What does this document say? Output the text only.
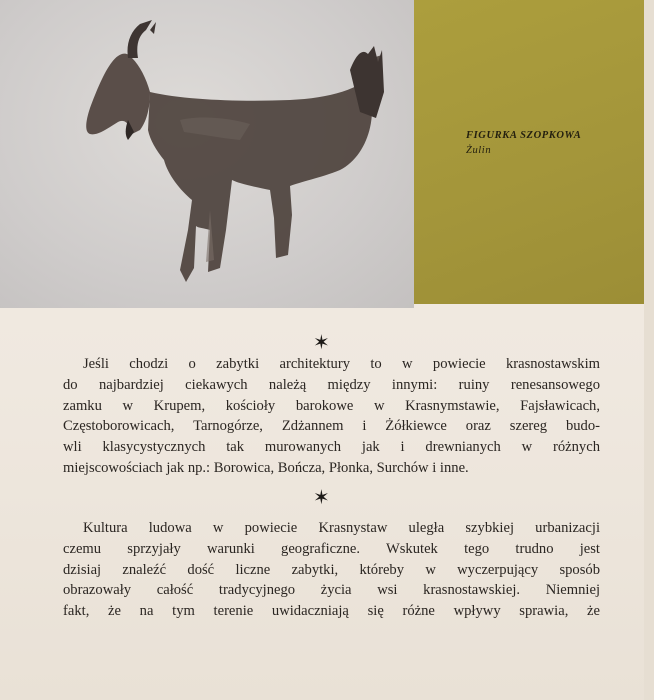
FIGURKA SZOPKOWA
Żulin
✶

Jeśli chodzi o zabytki architektury to w powiecie krasnostawskim
do najbardziej ciekawych należą między innymi: ruiny renesansowego
zamku w Krupem, kościoły barokowe w Krasnymstawie, Fajsławicach,
Częstoborowicach, Tarnogórze, Zdżannem i Żółkiewce oraz szereg budo-
wli klasycystycznych tak murowanych jak i drewnianych w różnych
miejscowościach jak np.: Borowica, Bończa, Płonka, Surchów i inne.

✶

Kultura ludowa w powiecie Krasnystaw uległa szybkiej urbanizacji
czemu sprzyjały warunki geograficzne. Wskutek tego trudno jest
dzisiaj znaleźć dość liczne zabytki, któreby w wyczerpujący sposób
obrazowały całość tradycyjnego życia wsi krasnostawskiej. Niemniej
fakt, że na tym terenie uwidaczniają się różne wpływy sprawia, że
